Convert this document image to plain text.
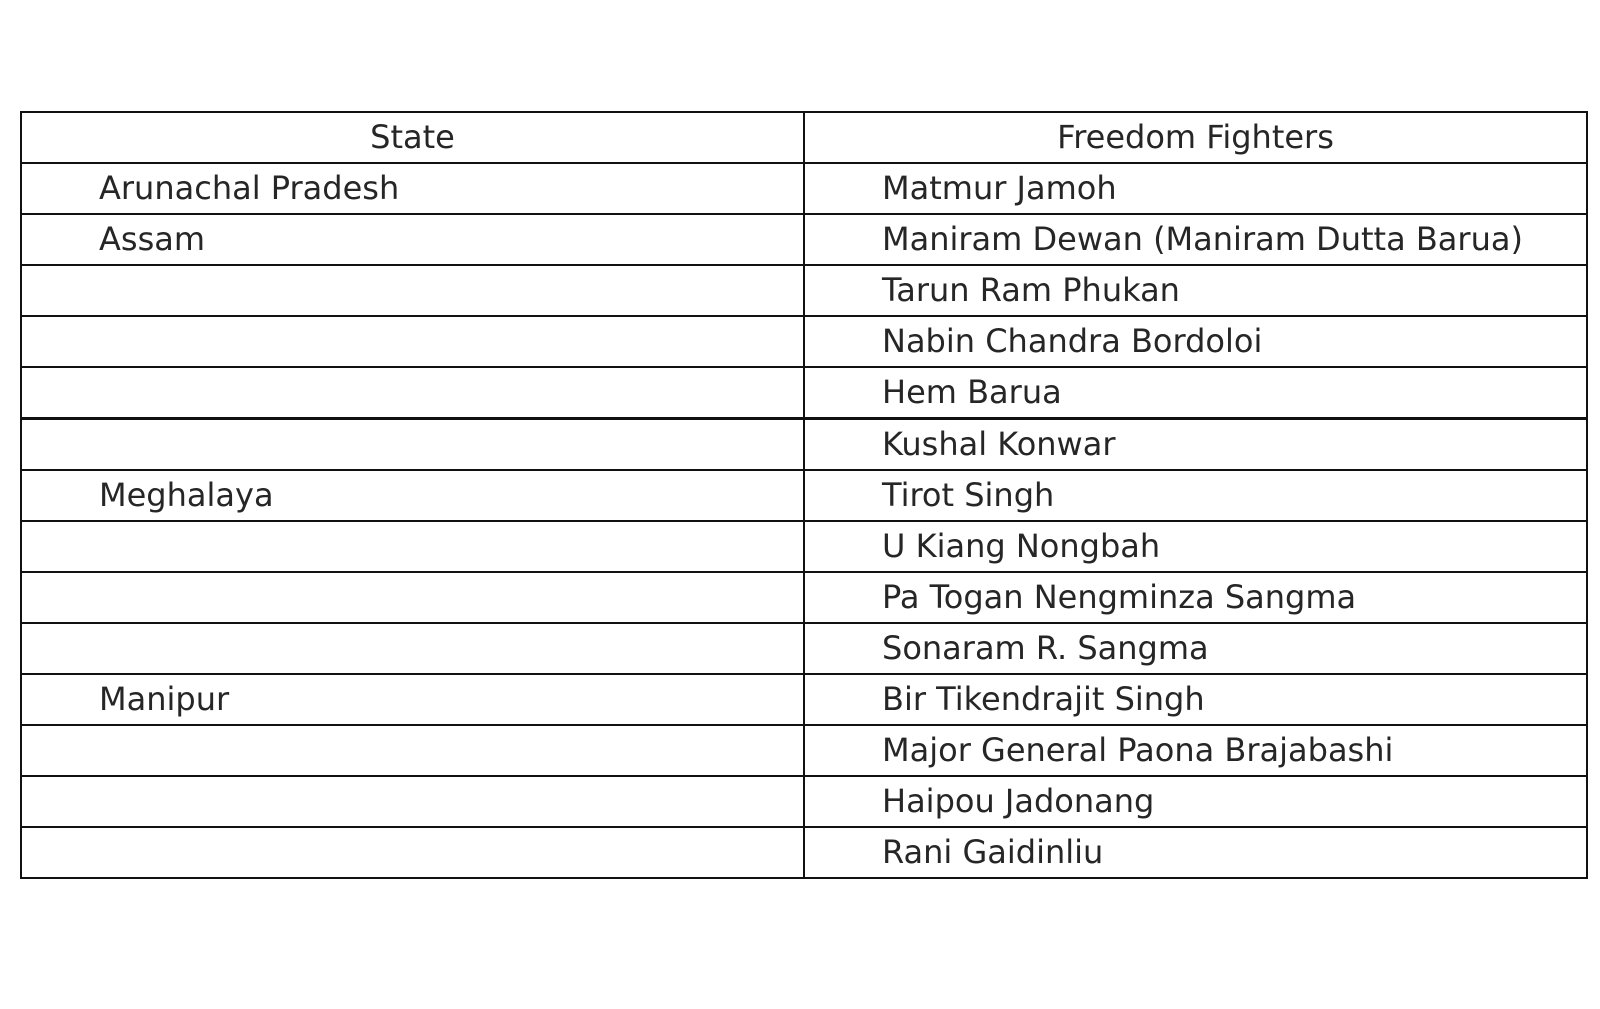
State	Freedom Fighters
Arunachal Pradesh	Matmur Jamoh
Assam	Maniram Dewan (Maniram Dutta Barua)
	Tarun Ram Phukan
	Nabin Chandra Bordoloi
	Hem Barua
	Kushal Konwar
Meghalaya	Tirot Singh
	U Kiang Nongbah
	Pa Togan Nengminza Sangma
	Sonaram R. Sangma
Manipur	Bir Tikendrajit Singh
	Major General Paona Brajabashi
	Haipou Jadonang
	Rani Gaidinliu
